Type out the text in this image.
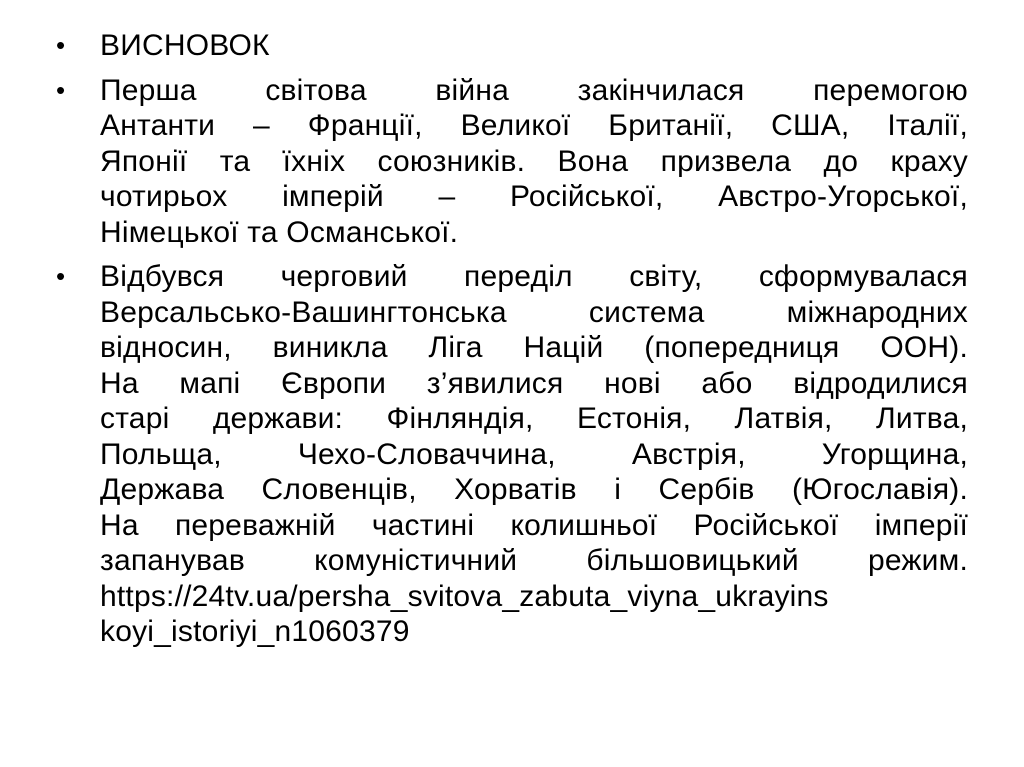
• ВИСНОВОК
• Перша світова війна закінчилася перемогою
Антанти – Франції, Великої Британії, США, Італії,
Японії та їхніх союзників. Вона призвела до краху
чотирьох імперій – Російської, Австро-Угорської,
Німецької та Османської.
• Відбувся черговий переділ світу, сформувалася
Версальсько-Вашингтонська система міжнародних
відносин, виникла Ліга Націй (попередниця ООН).
На мапі Європи з’явилися нові або відродилися
старі держави: Фінляндія, Естонія, Латвія, Литва,
Польща, Чехо-Словаччина, Австрія, Угорщина,
Держава Словенців, Хорватів і Сербів (Югославія).
На переважній частині колишньої Російської імперії
запанував комуністичний більшовицький режим.
https://24tv.ua/persha_svitova_zabuta_viyna_ukrayins
koyi_istoriyi_n1060379
